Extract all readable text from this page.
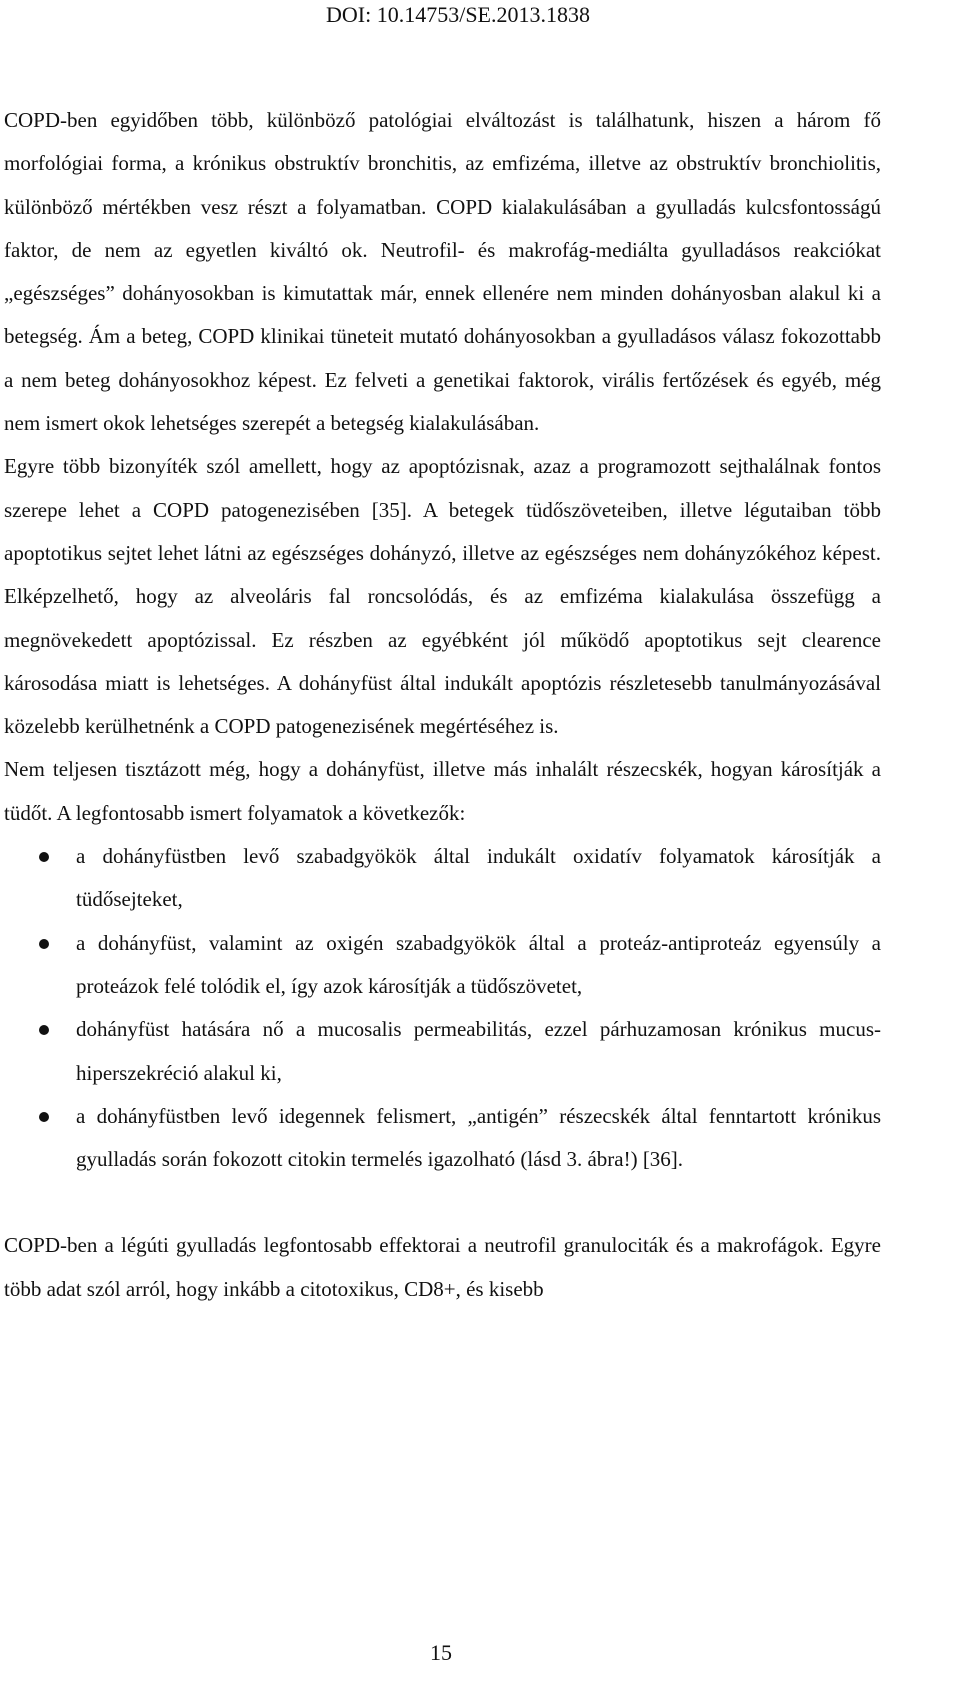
DOI: 10.14753/SE.2013.1838

COPD-ben egyidőben több, különböző patológiai elváltozást is találhatunk, hiszen a három fő morfológiai forma, a krónikus obstruktív bronchitis, az emfizéma, illetve az obstruktív bronchiolitis, különböző mértékben vesz részt a folyamatban. COPD kialakulásában a gyulladás kulcsfontosságú faktor, de nem az egyetlen kiváltó ok. Neutrofil- és makrofág-mediálta gyulladásos reakciókat „egészséges” dohányosokban is kimutattak már, ennek ellenére nem minden dohányosban alakul ki a betegség. Ám a beteg, COPD klinikai tüneteit mutató dohányosokban a gyulladásos válasz fokozottabb a nem beteg dohányosokhoz képest. Ez felveti a genetikai faktorok, virális fertőzések és egyéb, még nem ismert okok lehetséges szerepét a betegség kialakulásában.

Egyre több bizonyíték szól amellett, hogy az apoptózisnak, azaz a programozott sejthalálnak fontos szerepe lehet a COPD patogenezisében [35]. A betegek tüdőszöveteiben, illetve légutaiban több apoptotikus sejtet lehet látni az egészséges dohányzó, illetve az egészséges nem dohányzókéhoz képest. Elképzelhető, hogy az alveoláris fal roncsolódás, és az emfizéma kialakulása összefügg a megnövekedett apoptózissal. Ez részben az egyébként jól működő apoptotikus sejt clearence károsodása miatt is lehetséges. A dohányfüst által indukált apoptózis részletesebb tanulmányozásával közelebb kerülhetnénk a COPD patogenezisének megértéséhez is.

Nem teljesen tisztázott még, hogy a dohányfüst, illetve más inhalált részecskék, hogyan károsítják a tüdőt. A legfontosabb ismert folyamatok a következők:

a dohányfüstben levő szabadgyökök által indukált oxidatív folyamatok károsítják a tüdősejteket,
a dohányfüst, valamint az oxigén szabadgyökök által a proteáz-antiproteáz egyensúly a proteázok felé tolódik el, így azok károsítják a tüdőszövetet,
dohányfüst hatására nő a mucosalis permeabilitás, ezzel párhuzamosan krónikus mucus-hiperszekréció alakul ki,
a dohányfüstben levő idegennek felismert, „antigén” részecskék által fenntartott krónikus gyulladás során fokozott citokin termelés igazolható (lásd 3. ábra!) [36].

COPD-ben a légúti gyulladás legfontosabb effektorai a neutrofil granulociták és a makrofágok. Egyre több adat szól arról, hogy inkább a citotoxikus, CD8+, és kisebb

15
